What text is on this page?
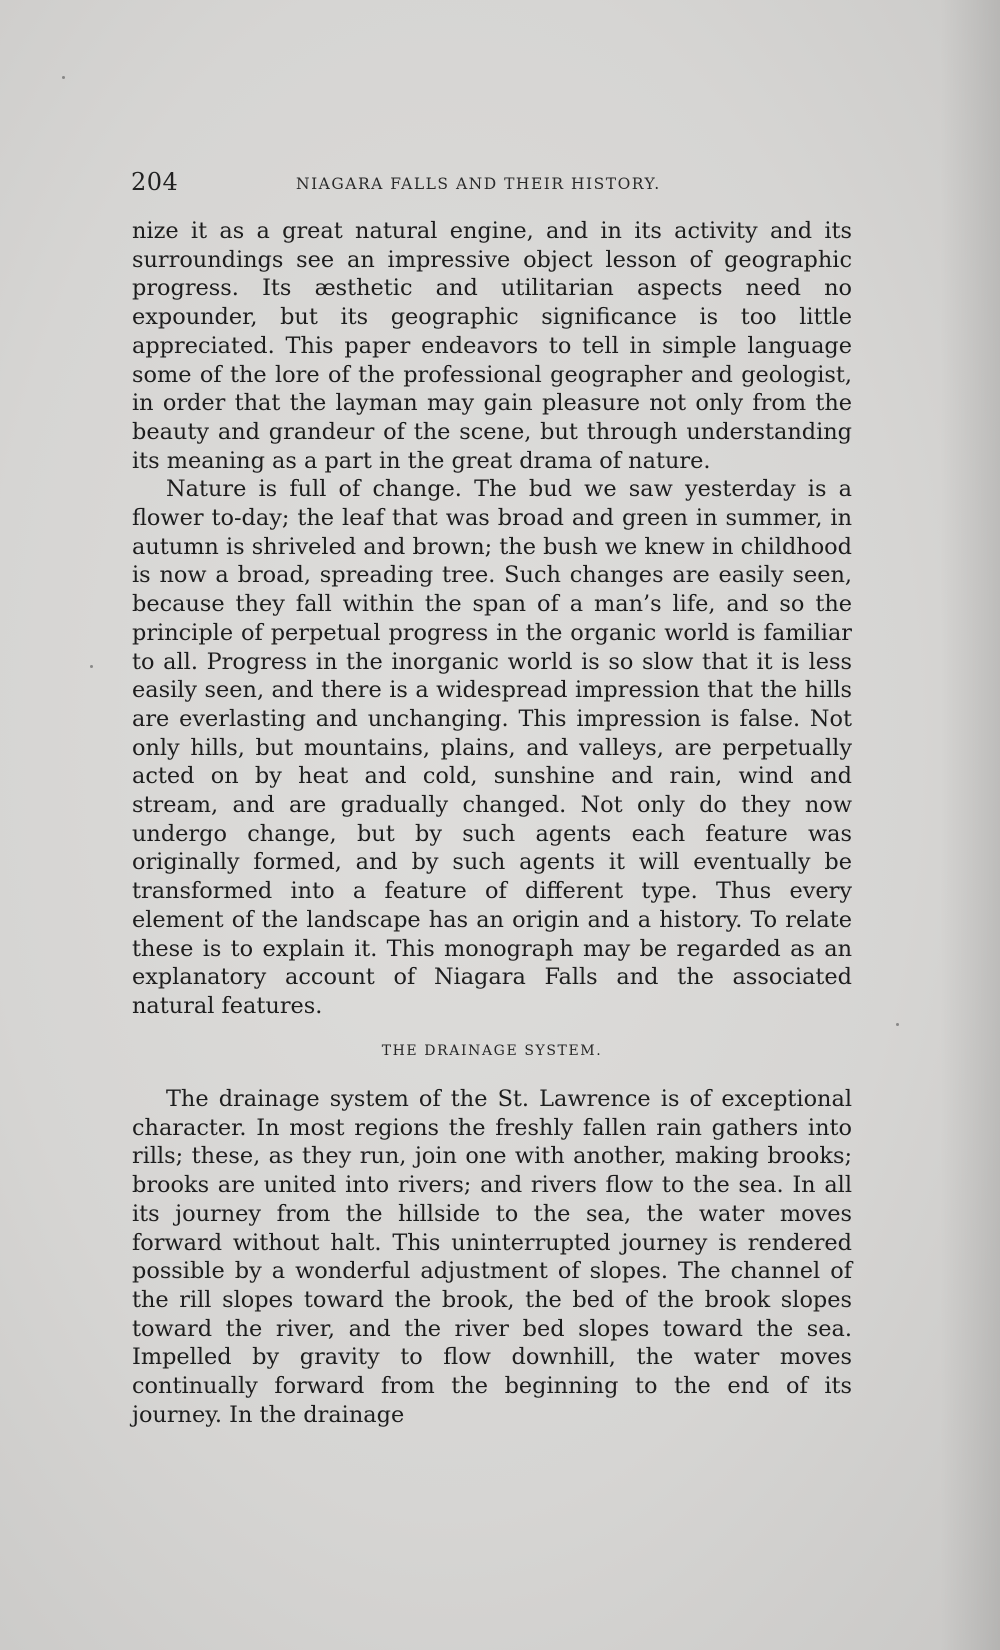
204	NIAGARA FALLS AND THEIR HISTORY.

nize it as a great natural engine, and in its activity and its surroundings see an impressive object lesson of geographic progress. Its æsthetic and utilitarian aspects need no expounder, but its geographic significance is too little appreciated. This paper endeavors to tell in simple language some of the lore of the professional geographer and geologist, in order that the layman may gain pleasure not only from the beauty and grandeur of the scene, but through understanding its meaning as a part in the great drama of nature.

Nature is full of change. The bud we saw yesterday is a flower to-day; the leaf that was broad and green in summer, in autumn is shriveled and brown; the bush we knew in childhood is now a broad, spreading tree. Such changes are easily seen, because they fall within the span of a man’s life, and so the principle of perpetual progress in the organic world is familiar to all. Progress in the inorganic world is so slow that it is less easily seen, and there is a widespread impression that the hills are everlasting and unchanging. This impression is false. Not only hills, but mountains, plains, and valleys, are perpetually acted on by heat and cold, sunshine and rain, wind and stream, and are gradually changed. Not only do they now undergo change, but by such agents each feature was originally formed, and by such agents it will eventually be transformed into a feature of different type. Thus every element of the landscape has an origin and a history. To relate these is to explain it. This monograph may be regarded as an explanatory account of Niagara Falls and the associated natural features.

THE DRAINAGE SYSTEM.

The drainage system of the St. Lawrence is of exceptional character. In most regions the freshly fallen rain gathers into rills; these, as they run, join one with another, making brooks; brooks are united into rivers; and rivers flow to the sea. In all its journey from the hillside to the sea, the water moves forward without halt. This uninterrupted journey is rendered possible by a wonderful adjustment of slopes. The channel of the rill slopes toward the brook, the bed of the brook slopes toward the river, and the river bed slopes toward the sea. Impelled by gravity to flow downhill, the water moves continually forward from the beginning to the end of its journey. In the drainage
